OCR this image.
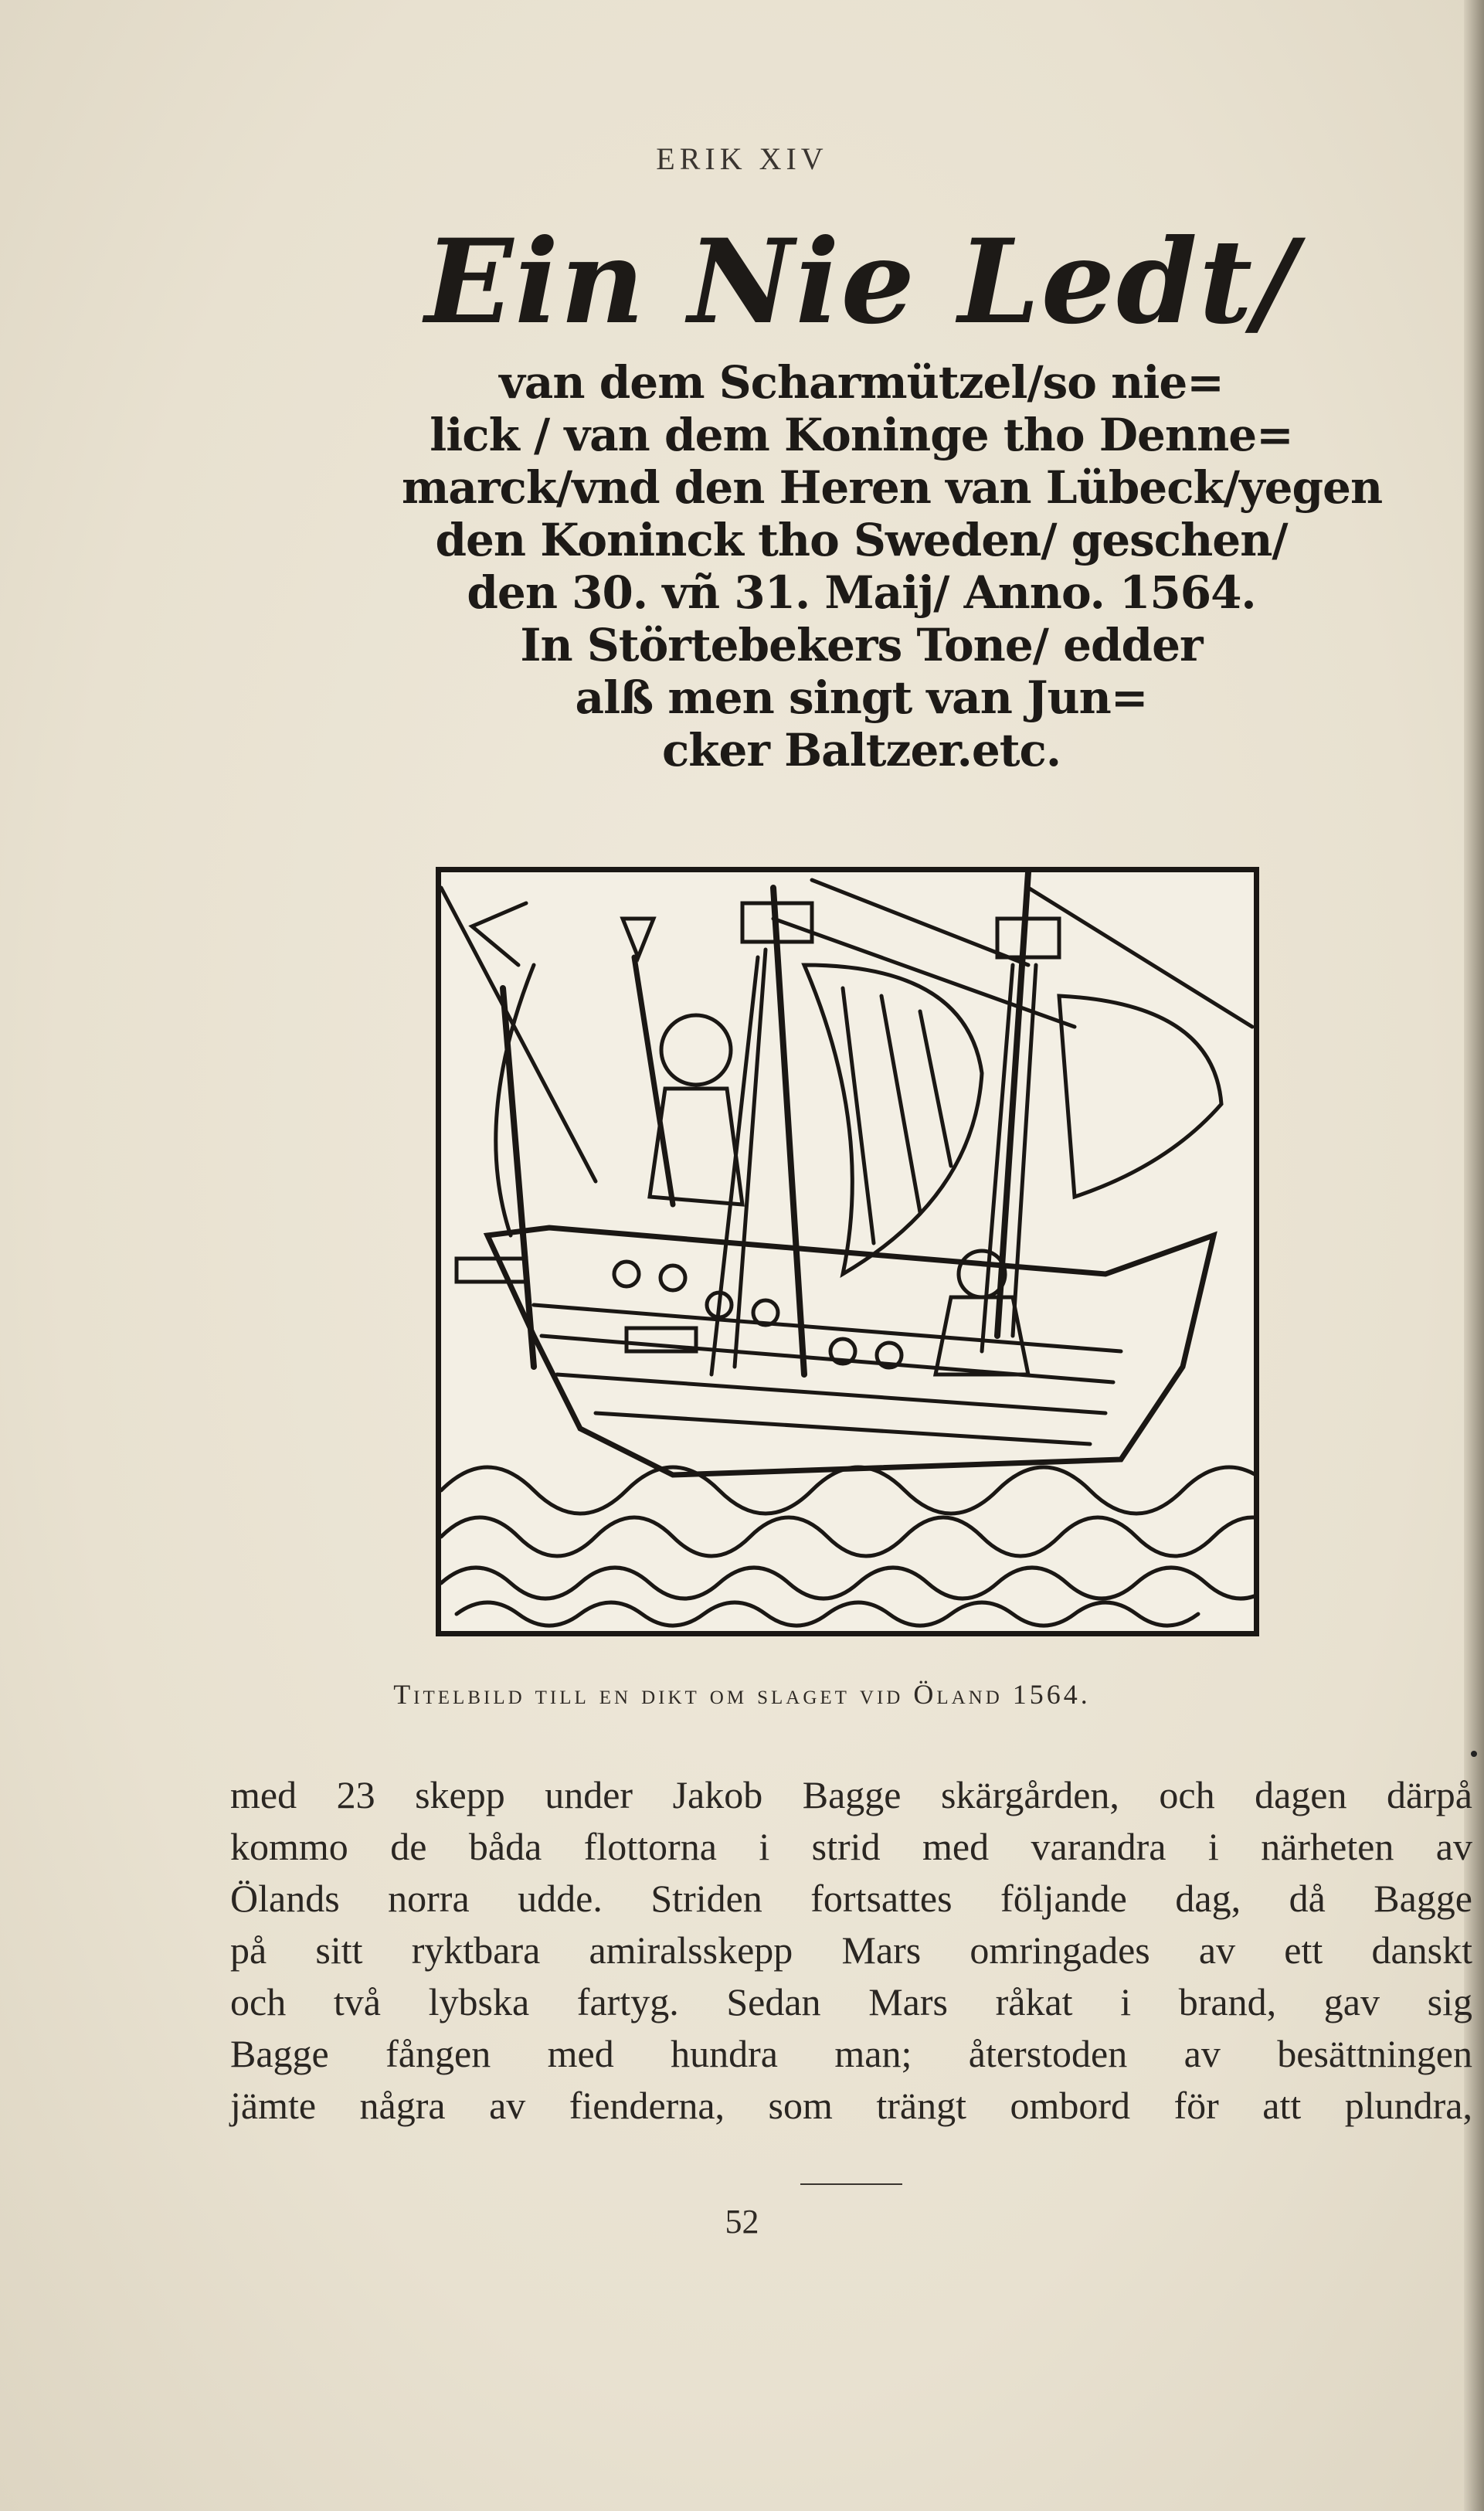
ERIK XIV
Ein Nie Ledt/
van dem Scharmützel/so nie=
lick / van dem Koninge tho Denne=
marck/vnd den Heren van Lübeck/yegen
den Koninck tho Sweden/ geschen/
den 30. vñ 31. Maij/ Anno. 1564.
In Störtebekers Tone/ edder
alß men singt van Jun=
cker Baltzer.etc.
Titelbild till en dikt om slaget vid Öland 1564.
med 23 skepp under Jakob Bagge skärgården, och dagen därpå
kommo de båda flottorna i strid med varandra i närheten av
Ölands norra udde. Striden fortsattes följande dag, då Bagge
på sitt ryktbara amiralsskepp Mars omringades av ett danskt
och två lybska fartyg. Sedan Mars råkat i brand, gav sig
Bagge fången med hundra man; återstoden av besättningen
jämte några av fienderna, som trängt ombord för att plundra,
52
